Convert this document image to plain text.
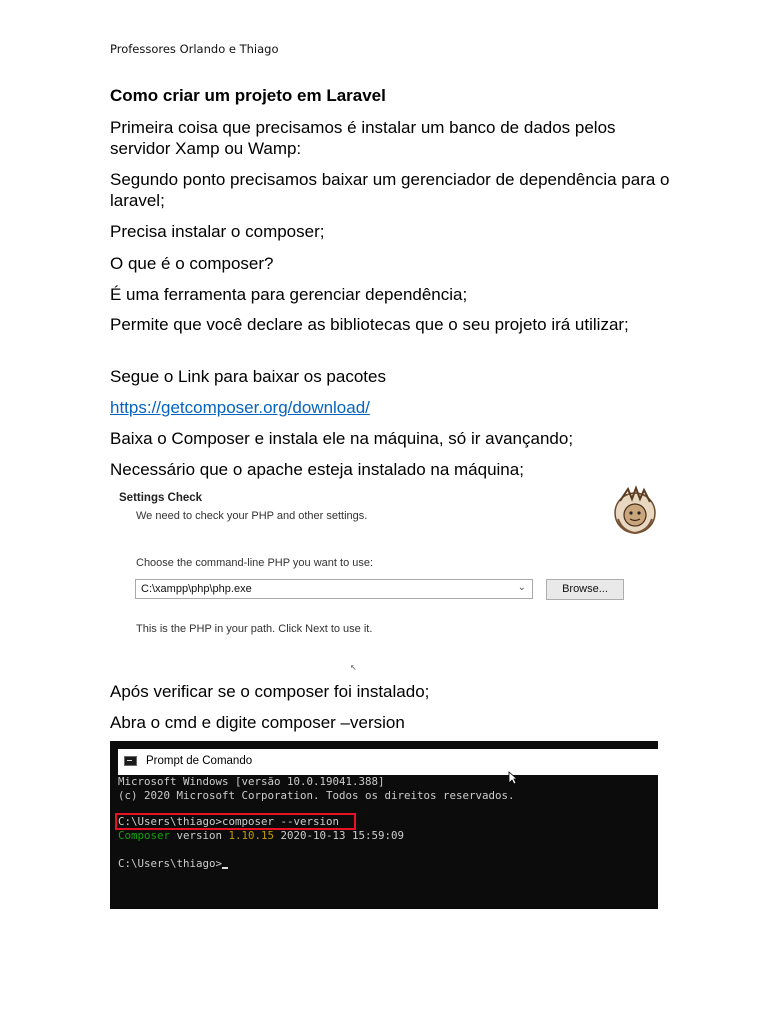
Professores Orlando e Thiago
Como criar um projeto em Laravel

Primeira coisa que precisamos é instalar um banco de dados pelos servidor Xamp ou Wamp:

Segundo ponto precisamos baixar um gerenciador de dependência para o laravel;

Precisa instalar o composer;

O que é o composer?

É uma ferramenta para gerenciar dependência;

Permite que você declare as bibliotecas que o seu projeto irá utilizar;

Segue o Link para baixar os pacotes

https://getcomposer.org/download/

Baixa o Composer e instala ele na máquina, só ir avançando;

Necessário que o apache esteja instalado na máquina;

Após verificar se o composer foi instalado;

Abra o cmd e digite composer –version

Settings Check
We need to check your PHP and other settings.
Choose the command-line PHP you want to use:
C:\xampp\php\php.exe	⌄	Browse...
This is the PHP in your path. Click Next to use it.
↖
Prompt de Comando
Microsoft Windows [versão 10.0.19041.388]
(c) 2020 Microsoft Corporation. Todos os direitos reservados.
C:\Users\thiago>composer --version
Composer version 1.10.15 2020-10-13 15:59:09
C:\Users\thiago>
